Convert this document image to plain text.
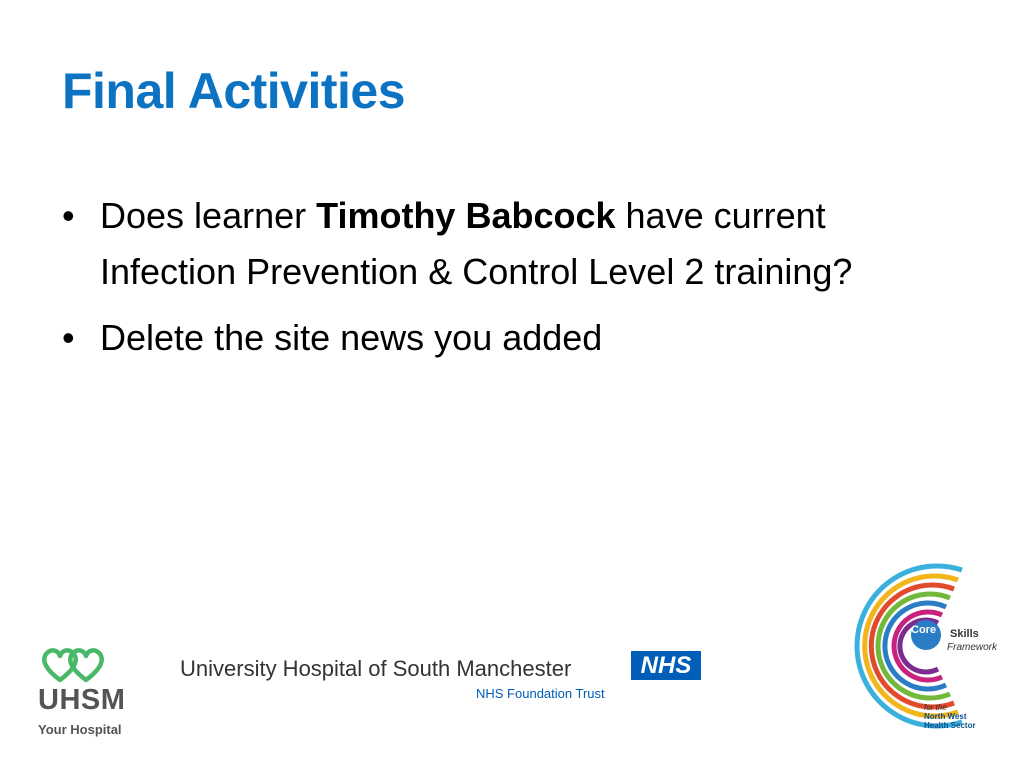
Final Activities
• Does learner Timothy Babcock have current Infection Prevention & Control Level 2 training?
• Delete the site news you added
UHSM
Your Hospital
University Hospital of South Manchester	NHS
NHS Foundation Trust
Core Skills
Framework
for the
North West
Health Sector
